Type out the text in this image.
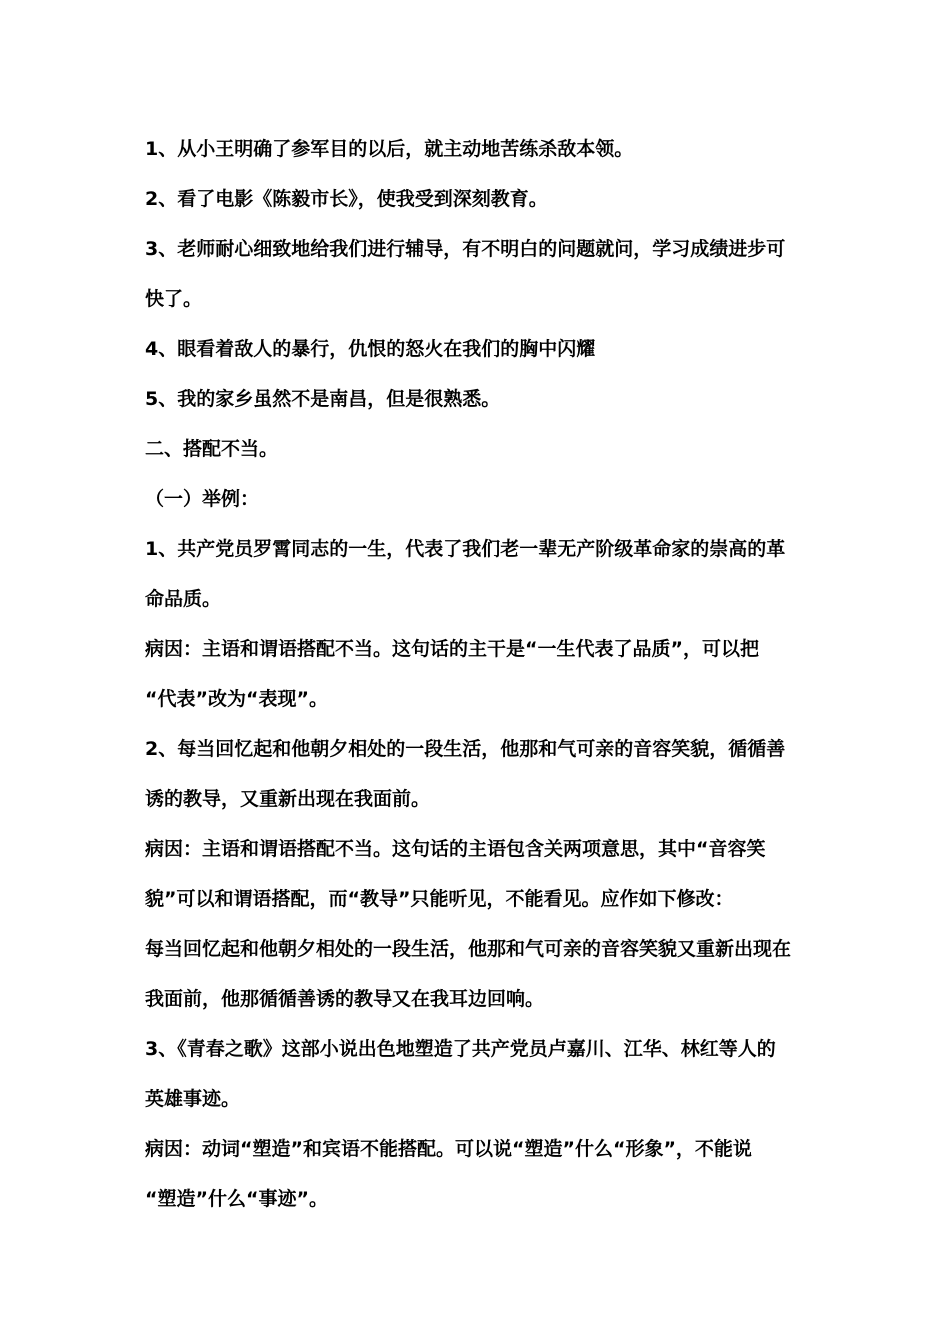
1、从小王明确了参军目的以后，就主动地苦练杀敌本领。
2、看了电影《陈毅市长》，使我受到深刻教育。
3、老师耐心细致地给我们进行辅导，有不明白的问题就问，学习成绩进步可
快了。
4、眼看着敌人的暴行，仇恨的怒火在我们的胸中闪耀
5、我的家乡虽然不是南昌，但是很熟悉。
二、搭配不当。
（一）举例：
1、共产党员罗霄同志的一生，代表了我们老一辈无产阶级革命家的崇高的革
命品质。
病因：主语和谓语搭配不当。这句话的主干是“一生代表了品质”，可以把
“代表”改为“表现”。
2、每当回忆起和他朝夕相处的一段生活，他那和气可亲的音容笑貌，循循善
诱的教导，又重新出现在我面前。
病因：主语和谓语搭配不当。这句话的主语包含关两项意思，其中“音容笑
貌”可以和谓语搭配，而“教导”只能听见，不能看见。应作如下修改：
每当回忆起和他朝夕相处的一段生活，他那和气可亲的音容笑貌又重新出现在
我面前，他那循循善诱的教导又在我耳边回响。
3、《青春之歌》这部小说出色地塑造了共产党员卢嘉川、江华、林红等人的
英雄事迹。
病因：动词“塑造”和宾语不能搭配。可以说“塑造”什么“形象”，不能说
“塑造”什么“事迹”。
